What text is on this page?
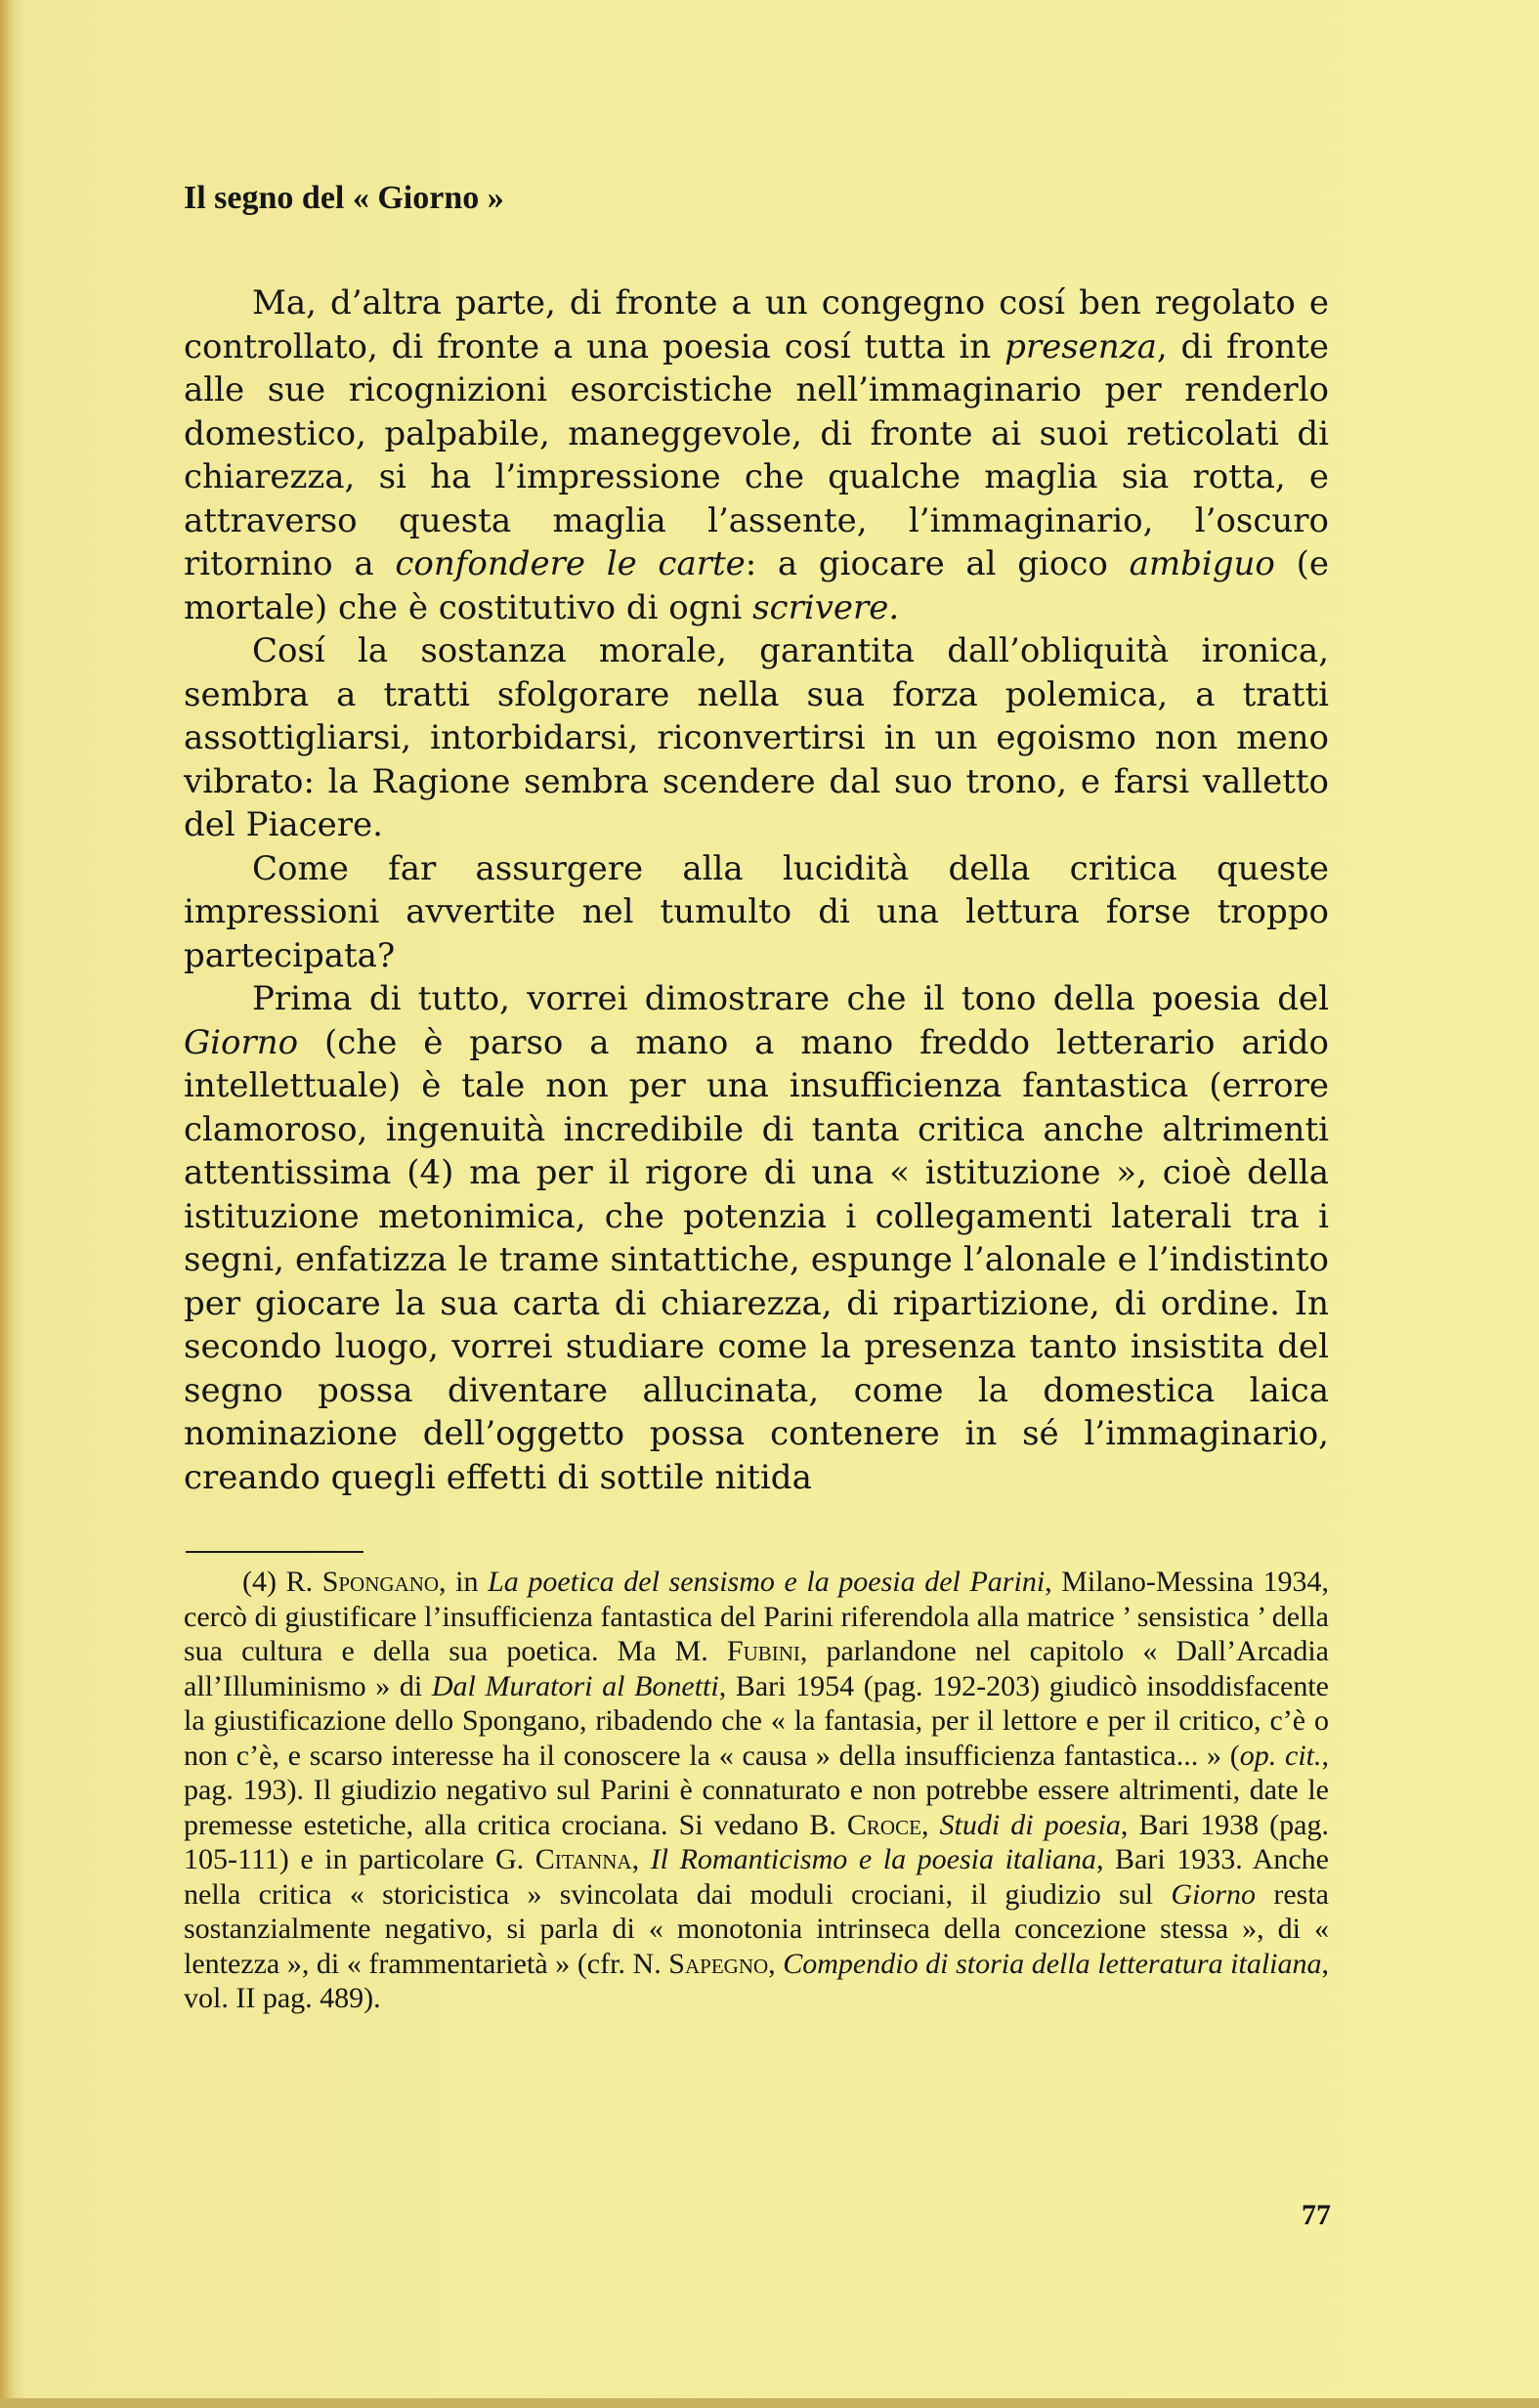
Il segno del « Giorno »

Ma, d’altra parte, di fronte a un congegno cosí ben regolato e controllato, di fronte a una poesia cosí tutta in presenza, di fronte alle sue ricognizioni esorcistiche nell’immaginario per renderlo domestico, palpabile, maneggevole, di fronte ai suoi reticolati di chiarezza, si ha l’impressione che qualche maglia sia rotta, e attraverso questa maglia l’assente, l’immaginario, l’oscuro ritornino a confondere le carte: a giocare al gioco ambiguo (e mortale) che è costitutivo di ogni scrivere.

Cosí la sostanza morale, garantita dall’obliquità ironica, sembra a tratti sfolgorare nella sua forza polemica, a tratti assottigliarsi, intorbidarsi, riconvertirsi in un egoismo non meno vibrato: la Ragione sembra scendere dal suo trono, e farsi valletto del Piacere.

Come far assurgere alla lucidità della critica queste impressioni avvertite nel tumulto di una lettura forse troppo partecipata?

Prima di tutto, vorrei dimostrare che il tono della poesia del Giorno (che è parso a mano a mano freddo letterario arido intellettuale) è tale non per una insufficienza fantastica (errore clamoroso, ingenuità incredibile di tanta critica anche altrimenti attentissima (4) ma per il rigore di una « istituzione », cioè della istituzione metonimica, che potenzia i collegamenti laterali tra i segni, enfatizza le trame sintattiche, espunge l’alonale e l’indistinto per giocare la sua carta di chiarezza, di ripartizione, di ordine. In secondo luogo, vorrei studiare come la presenza tanto insistita del segno possa diventare allucinata, come la domestica laica nominazione dell’oggetto possa contenere in sé l’immaginario, creando quegli effetti di sottile nitida

(4) R. Spongano, in La poetica del sensismo e la poesia del Parini, Milano-Messina 1934, cercò di giustificare l’insufficienza fantastica del Parini riferendola alla matrice ’ sensistica ’ della sua cultura e della sua poetica. Ma M. Fubini, parlandone nel capitolo « Dall’Arcadia all’Illuminismo » di Dal Muratori al Bonetti, Bari 1954 (pag. 192-203) giudicò insoddisfacente la giustificazione dello Spongano, ribadendo che « la fantasia, per il lettore e per il critico, c’è o non c’è, e scarso interesse ha il conoscere la « causa » della insufficienza fantastica... » (op. cit., pag. 193). Il giudizio negativo sul Parini è connaturato e non potrebbe essere altrimenti, date le premesse estetiche, alla critica crociana. Si vedano B. Croce, Studi di poesia, Bari 1938 (pag. 105-111) e in particolare G. Citanna, Il Romanticismo e la poesia italiana, Bari 1933. Anche nella critica « storicistica » svincolata dai moduli crociani, il giudizio sul Giorno resta sostanzialmente negativo, si parla di « monotonia intrinseca della concezione stessa », di « lentezza », di « frammentarietà » (cfr. N. Sapegno, Compendio di storia della letteratura italiana, vol. II pag. 489).

77
